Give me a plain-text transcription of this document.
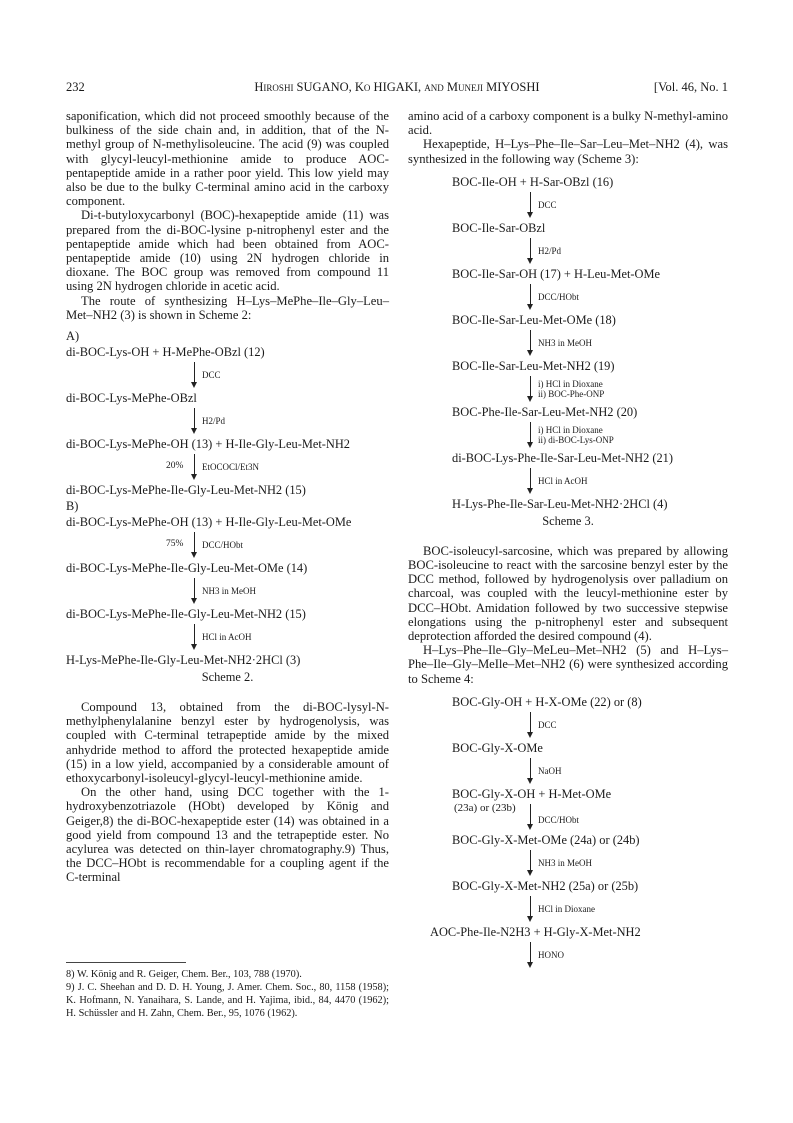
232	Hiroshi SUGANO, Ko HIGAKI, and Muneji MIYOSHI	[Vol. 46, No. 1

saponification, which did not proceed smoothly because of the bulkiness of the side chain and, in addition, that of the N-methyl group of N-methylisoleucine. The acid (9) was coupled with glycyl-leucyl-methionine amide to produce AOC-pentapeptide amide in a rather poor yield. This low yield may also be due to the bulky C-terminal amino acid in the carboxy component.

Di-t-butyloxycarbonyl (BOC)-hexapeptide amide (11) was prepared from the di-BOC-lysine p-nitrophenyl ester and the pentapeptide amide which had been obtained from AOC-pentapeptide amide (10) using 2N hydrogen chloride in dioxane. The BOC group was removed from compound 11 using 2N hydrogen chloride in acetic acid.

The route of synthesizing H–Lys–MePhe–Ile–Gly–Leu–Met–NH2 (3) is shown in Scheme 2:

A)
di-BOC-Lys-OH + H-MePhe-OBzl (12)
DCC
di-BOC-Lys-MePhe-OBzl
H2/Pd
di-BOC-Lys-MePhe-OH (13) + H-Ile-Gly-Leu-Met-NH2
20% EtOCOCl/Et3N
di-BOC-Lys-MePhe-Ile-Gly-Leu-Met-NH2 (15)
B)
di-BOC-Lys-MePhe-OH (13) + H-Ile-Gly-Leu-Met-OMe
75% DCC/HObt
di-BOC-Lys-MePhe-Ile-Gly-Leu-Met-OMe (14)
NH3 in MeOH
di-BOC-Lys-MePhe-Ile-Gly-Leu-Met-NH2 (15)
HCl in AcOH
H-Lys-MePhe-Ile-Gly-Leu-Met-NH2·2HCl (3)
Scheme 2.

Compound 13, obtained from the di-BOC-lysyl-N-methylphenylalanine benzyl ester by hydrogenolysis, was coupled with C-terminal tetrapeptide amide by the mixed anhydride method to afford the protected hexapeptide amide (15) in a low yield, accompanied by a considerable amount of ethoxycarbonyl-isoleucyl-glycyl-leucyl-methionine amide.

On the other hand, using DCC together with the 1-hydroxybenzotriazole (HObt) developed by König and Geiger,8) the di-BOC-hexapeptide ester (14) was obtained in a good yield from compound 13 and the tetrapeptide ester. No acylurea was detected on thin-layer chromatography.9) Thus, the DCC–HObt is recommendable for a coupling agent if the C-terminal

8) W. König and R. Geiger, Chem. Ber., 103, 788 (1970).

9) J. C. Sheehan and D. D. H. Young, J. Amer. Chem. Soc., 80, 1158 (1958); K. Hofmann, N. Yanaihara, S. Lande, and H. Yajima, ibid., 84, 4470 (1962); H. Schüssler and H. Zahn, Chem. Ber., 95, 1076 (1962).

amino acid of a carboxy component is a bulky N-methyl-amino acid.

Hexapeptide, H–Lys–Phe–Ile–Sar–Leu–Met–NH2 (4), was synthesized in the following way (Scheme 3):

BOC-Ile-OH + H-Sar-OBzl (16)
DCC
BOC-Ile-Sar-OBzl
H2/Pd
BOC-Ile-Sar-OH (17) + H-Leu-Met-OMe
DCC/HObt
BOC-Ile-Sar-Leu-Met-OMe (18)
NH3 in MeOH
BOC-Ile-Sar-Leu-Met-NH2 (19)
i) HCl in Dioxane
ii) BOC-Phe-ONP
BOC-Phe-Ile-Sar-Leu-Met-NH2 (20)
i) HCl in Dioxane
ii) di-BOC-Lys-ONP
di-BOC-Lys-Phe-Ile-Sar-Leu-Met-NH2 (21)
HCl in AcOH
H-Lys-Phe-Ile-Sar-Leu-Met-NH2·2HCl (4)
Scheme 3.

BOC-isoleucyl-sarcosine, which was prepared by allowing BOC-isoleucine to react with the sarcosine benzyl ester by the DCC method, followed by hydrogenolysis over palladium on charcoal, was coupled with the leucyl-methionine ester by DCC–HObt. Amidation followed by two successive stepwise elongations using the p-nitrophenyl ester and subsequent deprotection afforded the desired compound (4).

H–Lys–Phe–Ile–Gly–MeLeu–Met–NH2 (5) and H–Lys–Phe–Ile–Gly–MeIle–Met–NH2 (6) were synthesized according to Scheme 4:

BOC-Gly-OH + H-X-OMe (22) or (8)
DCC
BOC-Gly-X-OMe
NaOH
BOC-Gly-X-OH + H-Met-OMe
(23a) or (23b)
DCC/HObt
BOC-Gly-X-Met-OMe (24a) or (24b)
NH3 in MeOH
BOC-Gly-X-Met-NH2 (25a) or (25b)
HCl in Dioxane
AOC-Phe-Ile-N2H3 + H-Gly-X-Met-NH2
HONO
